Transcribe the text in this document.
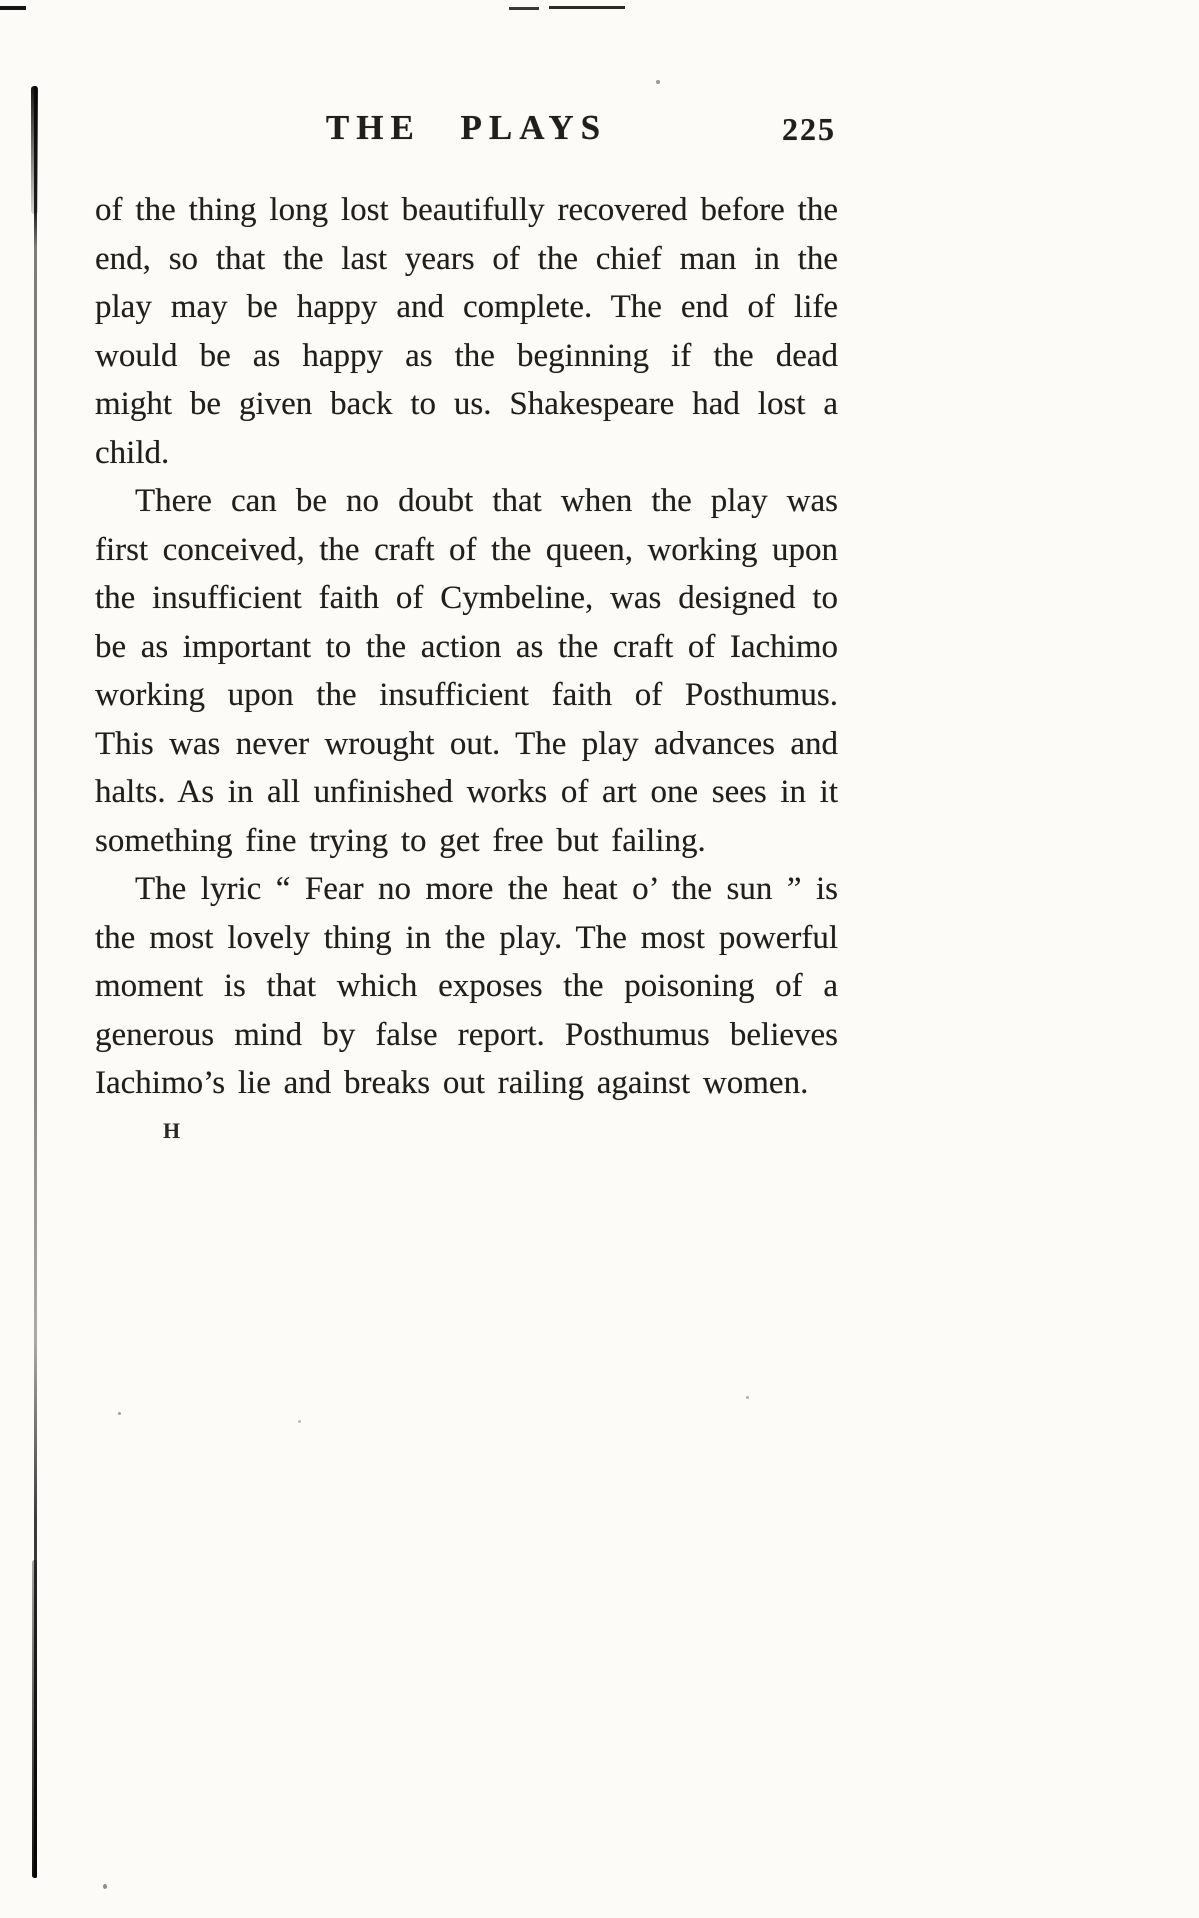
THE PLAYS	225

of the thing long lost beautifully recovered before the end, so that the last years of the chief man in the play may be happy and complete. The end of life would be as happy as the beginning if the dead might be given back to us. Shakespeare had lost a child.

There can be no doubt that when the play was first conceived, the craft of the queen, working upon the insufficient faith of Cymbeline, was designed to be as important to the action as the craft of Iachimo working upon the insufficient faith of Posthumus. This was never wrought out. The play advances and halts. As in all unfinished works of art one sees in it something fine trying to get free but failing.

The lyric “ Fear no more the heat o’ the sun ” is the most lovely thing in the play. The most powerful moment is that which exposes the poisoning of a generous mind by false report. Posthumus believes Iachimo’s lie and breaks out railing against women.

H
